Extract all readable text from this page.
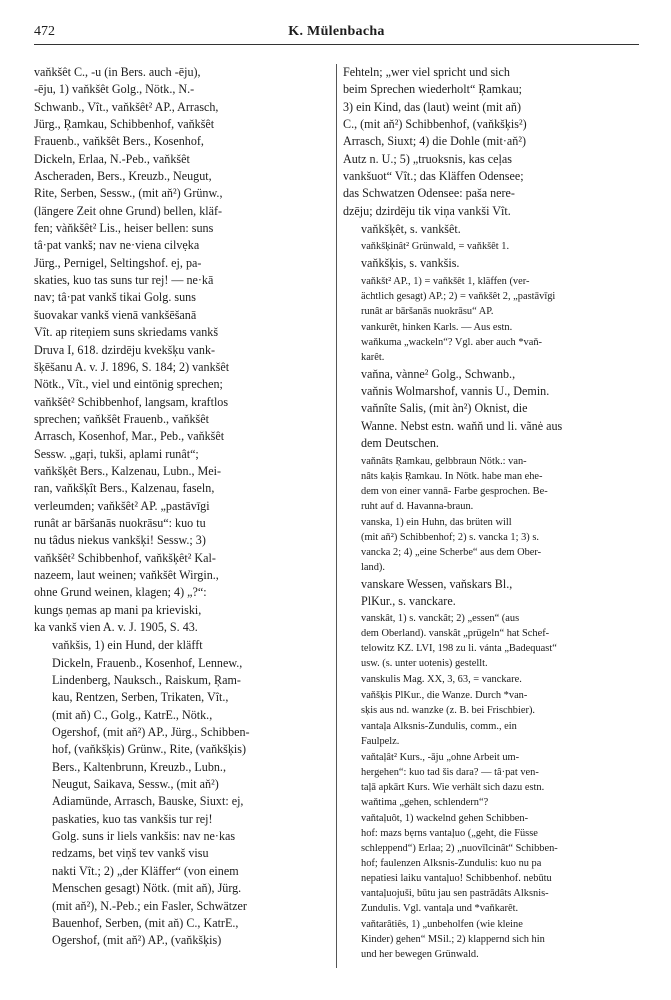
472	K. Mülenbacha

vaňkšêt C., -u (in Bers. auch -ēju),
-ēju, 1) vaňkšêt Golg., Nötk., N.-
Schwanb., Vît., vaňkšêt² AP., Arrasch,
Jürg., Ŗamkau, Schibbenhof, vaňkšêt
Frauenb., vaňkšêt Bers., Kosenhof,
Dickeln, Erlaa, N.-Peb., vaňkšêt
Ascheraden, Bers., Kreuzb., Neugut,
Rite, Serben, Sessw., (mit aň²) Grünw.,
(längere Zeit ohne Grund) bellen, kläf-
fen; vàňkšêt² Lis., heiser bellen: suns
tâ·pat vankš; nav ne·viena cilvẹka
Jürg., Pernigel, Seltingshof. ej, pa-
skaties, kuo tas suns tur rej! — ne·kā
nav; tâ·pat vankš tikai Golg. suns
šuovakar vankš vienā vankšēšanā
Vît. ap riteņiem suns skriedams vankš
Druva I, 618. dzirdēju kvekšķu vank-
šķēšanu A. v. J. 1896, S. 184; 2) vankšêt
Nötk., Vît., viel und eintönig sprechen;
vaňkšêt² Schibbenhof, langsam, kraftlos
sprechen; vaňkšêt Frauenb., vaňkšêt
Arrasch, Kosenhof, Mar., Peb., vaňkšêt
Sessw. „gaŗi, tukši, aplami runât“;
vaňkšķêt Bers., Kalzenau, Lubn., Mei-
ran, vaňkšķît Bers., Kalzenau, faseln,
verleumden; vaňkšêt² AP. „pastāvīgi
runât ar bāršanās nuokrāsu“: kuo tu
nu tâdus niekus vankšķi! Sessw.; 3)
vaňkšêt² Schibbenhof, vaňkšķêt² Kal-
nazeem, laut weinen; vaňkšêt Wirgin.,
ohne Grund weinen, klagen; 4) „?“:
kungs ņemas ap mani pa krieviski,
ka vankš vien A. v. J. 1905, S. 43.

vaňkšis, 1) ein Hund, der kläfft
Dickeln, Frauenb., Kosenhof, Lennew.,
Lindenberg, Nauksch., Raiskum, Ŗam-
kau, Rentzen, Serben, Trikaten, Vît.,
(mit aň) C., Golg., KatrE., Nötk.,
Ogershof, (mit aň²) AP., Jürg., Schibben-
hof, (vaňkšķis) Grünw., Rite, (vaňkšķis)
Bers., Kaltenbrunn, Kreuzb., Lubn.,
Neugut, Saikava, Sessw., (mit aň²)
Adiamünde, Arrasch, Bauske, Siuxt: ej,
paskaties, kuo tas vankšis tur rej!
Golg. suns ir liels vankšis: nav ne·kas
redzams, bet viņš tev vankš visu
nakti Vît.; 2) „der Kläffer“ (von einem
Menschen gesagt) Nötk. (mit aň), Jürg.
(mit aň²), N.-Peb.; ein Fasler, Schwätzer
Bauenhof, Serben, (mit aň) C., KatrE.,
Ogershof, (mit aň²) AP., (vaňkšķis)

Fehteln; „wer viel spricht und sich
beim Sprechen wiederholt“ Ŗamkau;
3) ein Kind, das (laut) weint (mit aň)
C., (mit aň²) Schibbenhof, (vaňkšķis²)
Arrasch, Siuxt; 4) die Dohle (mit·aň²)
Autz n. U.; 5) „truoksnis, kas ceļas
vankšuot“ Vît.; das Kläffen Odensee;
das Schwatzen Odensee: paša nere-
dzēju; dzirdēju tik viņa vankši Vît.

vaňkšķêt, s. vankšêt.

vaňkšķinât² Grünwald, = vaňkšêt 1.

vaňkšķis, s. vankšis.

vaňkšt² AP., 1) = vaňkšêt 1, kläffen (ver-
ächtlich gesagt) AP.; 2) = vaňkšêt 2, „pastāvīgi
runât ar bāršanās nuokrāsu“ AP.

vankurêt, hinken Karls. — Aus estn.
waňkuma „wackeln“? Vgl. aber auch *vaň-
karêt.

vaňna, vànne² Golg., Schwanb.,
vaňnis Wolmarshof, vannis U., Demin.
vaňnîte Salis, (mit àn²) Oknist, die
Wanne. Nebst estn. waňň und li. vãnė aus
dem Deutschen.

vaňnâts Ŗamkau, gelbbraun Nötk.: van-
nâts kaķis Ŗamkau. In Nötk. habe man ehe-
dem von einer vannā- Farbe gesprochen. Be-
ruht auf d. Havanna-braun.

vanska, 1) ein Huhn, das brüten will
(mit aň²) Schibbenhof; 2) s. vancka 1; 3) s.
vancka 2; 4) „eine Scherbe“ aus dem Ober-
land).

vanskare Wessen, vaňskars Bl.,
PlKur., s. vanckare.

vanskât, 1) s. vanckât; 2) „essen“ (aus
dem Oberland). vanskât „prügeln“ hat Schef-
telowitz KZ. LVI, 198 zu li. vánta „Badequast“
usw. (s. unter uotenis) gestellt.

vanskulis Mag. XX, 3, 63, = vanckare.

vaňšķis PlKur., die Wanze. Durch *van-
sķis aus nd. wanzke (z. B. bei Frischbier).

vantaļa Alksnis-Zundulis, comm., ein
Faulpelz.

vaňtaļât² Kurs., -āju „ohne Arbeit um-
hergehen“: kuo tad šis dara? — tâ·pat ven-
taļā apkārt Kurs. Wie verhält sich dazu estn.
waňtima „gehen, schlendern“?

vaňtaļuôt, 1) wackelnd gehen Schibben-
hof: mazs bẹrns vantaļuo („geht, die Füsse
schleppend“) Erlaa; 2) „nuovīlcinât“ Schibben-
hof; faulenzen Alksnis-Zundulis: kuo nu pa
nepatiesi laiku vantaļuo! Schibbenhof. nebūtu
vantaļuojuši, būtu jau sen pastrādâts Alksnis-
Zundulis. Vgl. vantaļa und *vaňkarêt.

vaňtarâtiês, 1) „unbeholfen (wie kleine
Kinder) gehen“ MSil.; 2) klappernd sich hin
und her bewegen Grünwald.
